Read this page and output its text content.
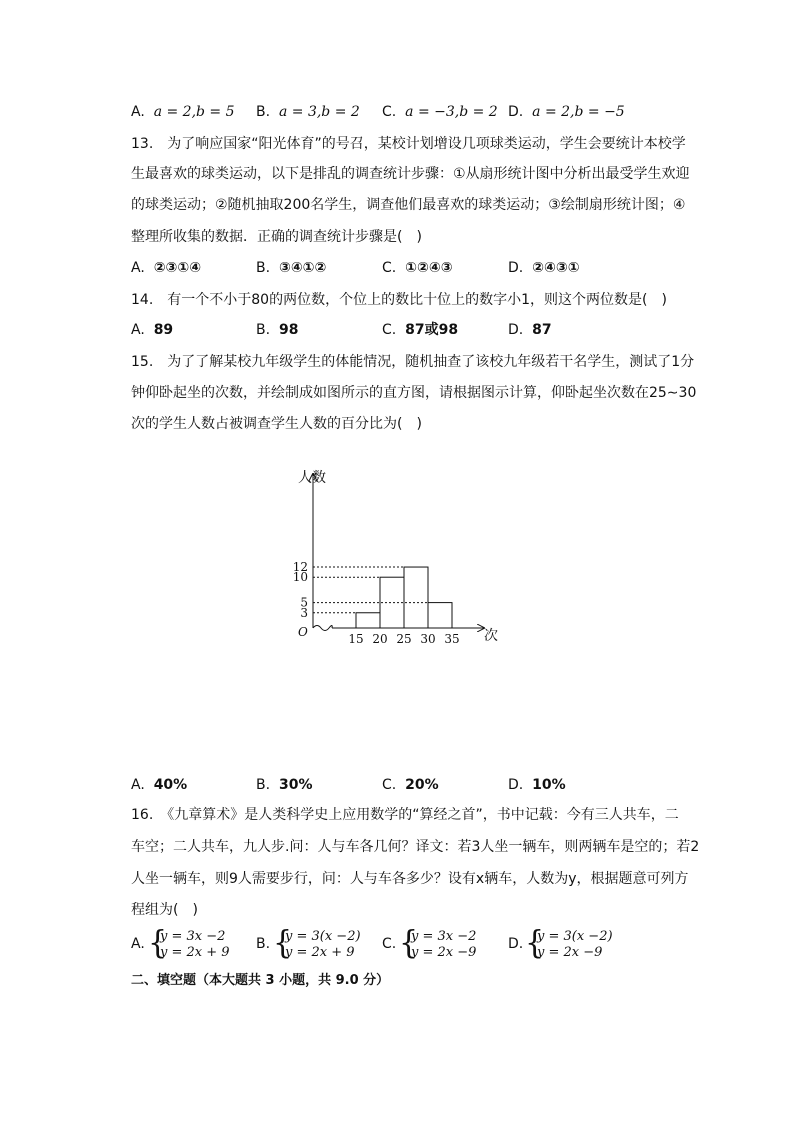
A. a = 2,b = 5 B. a = 3,b = 2 C. a = −3,b = 2 D. a = 2,b = −5
13.　为了响应国家“阳光体育”的号召，某校计划增设几项球类运动，学生会要统计本校学
生最喜欢的球类运动，以下是排乱的调查统计步骤：①从扇形统计图中分析出最受学生欢迎
的球类运动；②随机抽取200名学生，调查他们最喜欢的球类运动；③绘制扇形统计图；④
整理所收集的数据．正确的调查统计步骤是(　)
A. ②③①④	B. ③④①②	C. ①②④③	D. ②④③①
14.　有一个不小于80的两位数，个位上的数比十位上的数字小1，则这个两位数是(　)
A. 89	B. 98	C. 87或98	D. 87
15.　为了了解某校九年级学生的体能情况，随机抽查了该校九年级若干名学生，测试了1分
钟仰卧起坐的次数，并绘制成如图所示的直方图，请根据图示计算，仰卧起坐次数在25∼30
次的学生人数占被调查学生人数的百分比为(　)
3
5
10
12
15 20 25 30 35
人数
次
O
A. 40%	B. 30%	C. 20%	D. 10%
16.　《九章算术》是人类科学史上应用数学的“算经之首”，书中记载：今有三人共车，二
车空；二人共车，九人步.问：人与车各几何？译文：若3人坐一辆车，则两辆车是空的；若2
人坐一辆车，则9人需要步行，问：人与车各多少？设有x辆车，人数为y，根据题意可列方
程组为(　)
A. {
y = 3x −2
y = 2x + 9
B. {
y = 3(x −2)
y = 2x + 9
C. {
y = 3x −2
y = 2x −9
D. {
y = 3(x −2)
y = 2x −9
二、填空题（本大题共 3 小题，共 9.0 分）
